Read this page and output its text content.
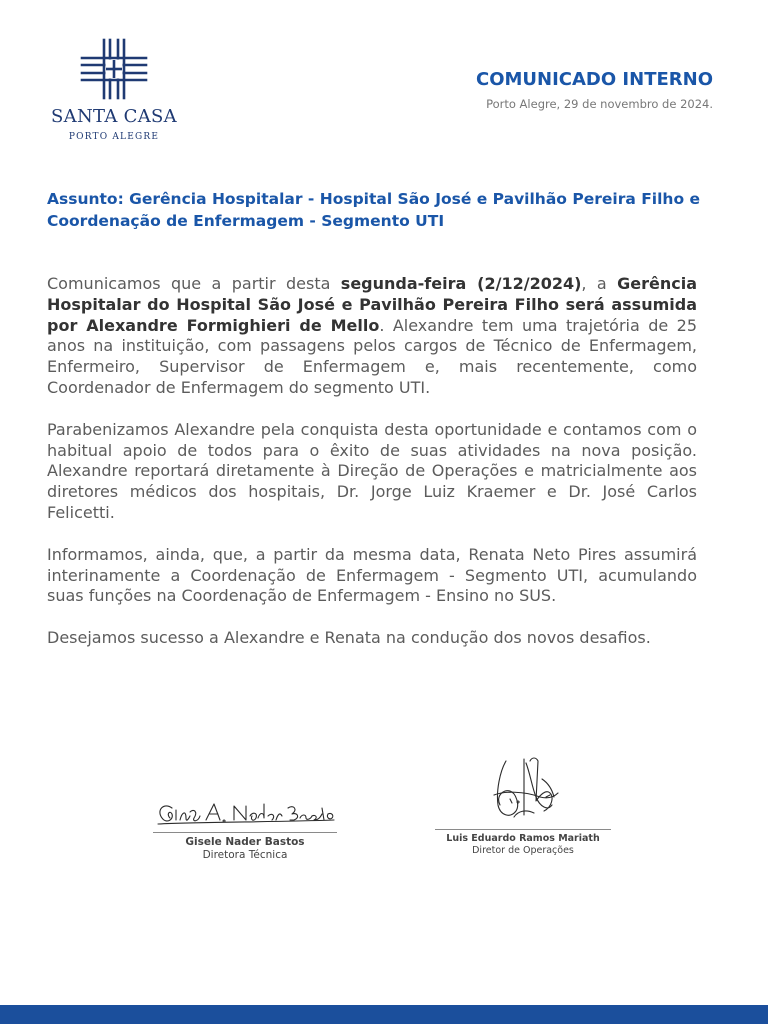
SANTA CASA
PORTO ALEGRE
COMUNICADO INTERNO
Porto Alegre, 29 de novembro de 2024.
Assunto: Gerência Hospitalar - Hospital São José e Pavilhão Pereira Filho e Coordenação de Enfermagem - Segmento UTI

Comunicamos que a partir desta segunda-feira (2/12/2024), a Gerência Hospitalar do Hospital São José e Pavilhão Pereira Filho será assumida por Alexandre Formighieri de Mello. Alexandre tem uma trajetória de 25 anos na instituição, com passagens pelos cargos de Técnico de Enfermagem, Enfermeiro, Supervisor de Enfermagem e, mais recentemente, como Coordenador de Enfermagem do segmento UTI.

Parabenizamos Alexandre pela conquista desta oportunidade e contamos com o habitual apoio de todos para o êxito de suas atividades na nova posição. Alexandre reportará diretamente à Direção de Operações e matricialmente aos diretores médicos dos hospitais, Dr. Jorge Luiz Kraemer e Dr. José Carlos Felicetti.

Informamos, ainda, que, a partir da mesma data, Renata Neto Pires assumirá interinamente a Coordenação de Enfermagem - Segmento UTI, acumulando suas funções na Coordenação de Enfermagem - Ensino no SUS.

Desejamos sucesso a Alexandre e Renata na condução dos novos desafios.

Gisele Nader Bastos
Diretora Técnica
Luis Eduardo Ramos Mariath
Diretor de Operações
